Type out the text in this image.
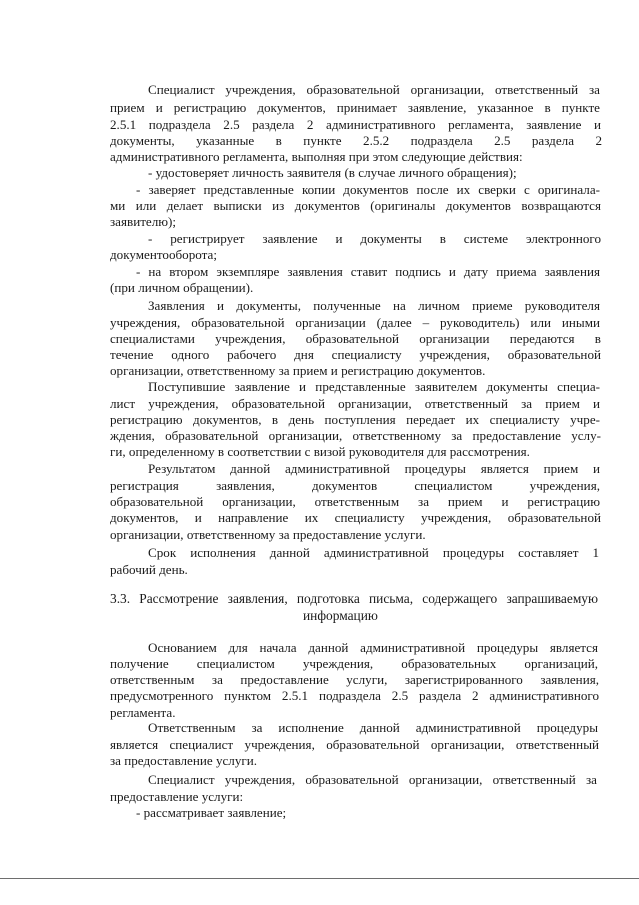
Специалист учреждения, образовательной организации, ответственный за
прием и регистрацию документов, принимает заявление, указанное в пункте
2.5.1 подраздела 2.5 раздела 2 административного регламента, заявление и
документы, указанные в пункте 2.5.2 подраздела 2.5 раздела 2
административного регламента, выполняя при этом следующие действия:
- удостоверяет личность заявителя (в случае личного обращения);
- заверяет представленные копии документов после их сверки с оригинала-
ми или делает выписки из документов (оригиналы документов возвращаются
заявителю);
- регистрирует заявление и документы в системе электронного
документооборота;
- на втором экземпляре заявления ставит подпись и дату приема заявления
(при личном обращении).
Заявления и документы, полученные на личном приеме руководителя
учреждения, образовательной организации (далее – руководитель) или иными
специалистами учреждения, образовательной организации передаются в
течение одного рабочего дня специалисту учреждения, образовательной
организации, ответственному за прием и регистрацию документов.
Поступившие заявление и представленные заявителем документы специа-
лист учреждения, образовательной организации, ответственный за прием и
регистрацию документов, в день поступления передает их специалисту учре-
ждения, образовательной организации, ответственному за предоставление услу-
ги, определенному в соответствии с визой руководителя для рассмотрения.
Результатом данной административной процедуры является прием и
регистрация заявления, документов специалистом учреждения,
образовательной организации, ответственным за прием и регистрацию
документов, и направление их специалисту учреждения, образовательной
организации, ответственному за предоставление услуги.
Срок исполнения данной административной процедуры составляет 1
рабочий день.
3.3. Рассмотрение заявления, подготовка письма, содержащего запрашиваемую
информацию
Основанием для начала данной административной процедуры является
получение специалистом учреждения, образовательных организаций,
ответственным за предоставление услуги, зарегистрированного заявления,
предусмотренного пунктом 2.5.1 подраздела 2.5 раздела 2 административного
регламента.
Ответственным за исполнение данной административной процедуры
является специалист учреждения, образовательной организации, ответственный
за предоставление услуги.
Специалист учреждения, образовательной организации, ответственный за
предоставление услуги:
- рассматривает заявление;
